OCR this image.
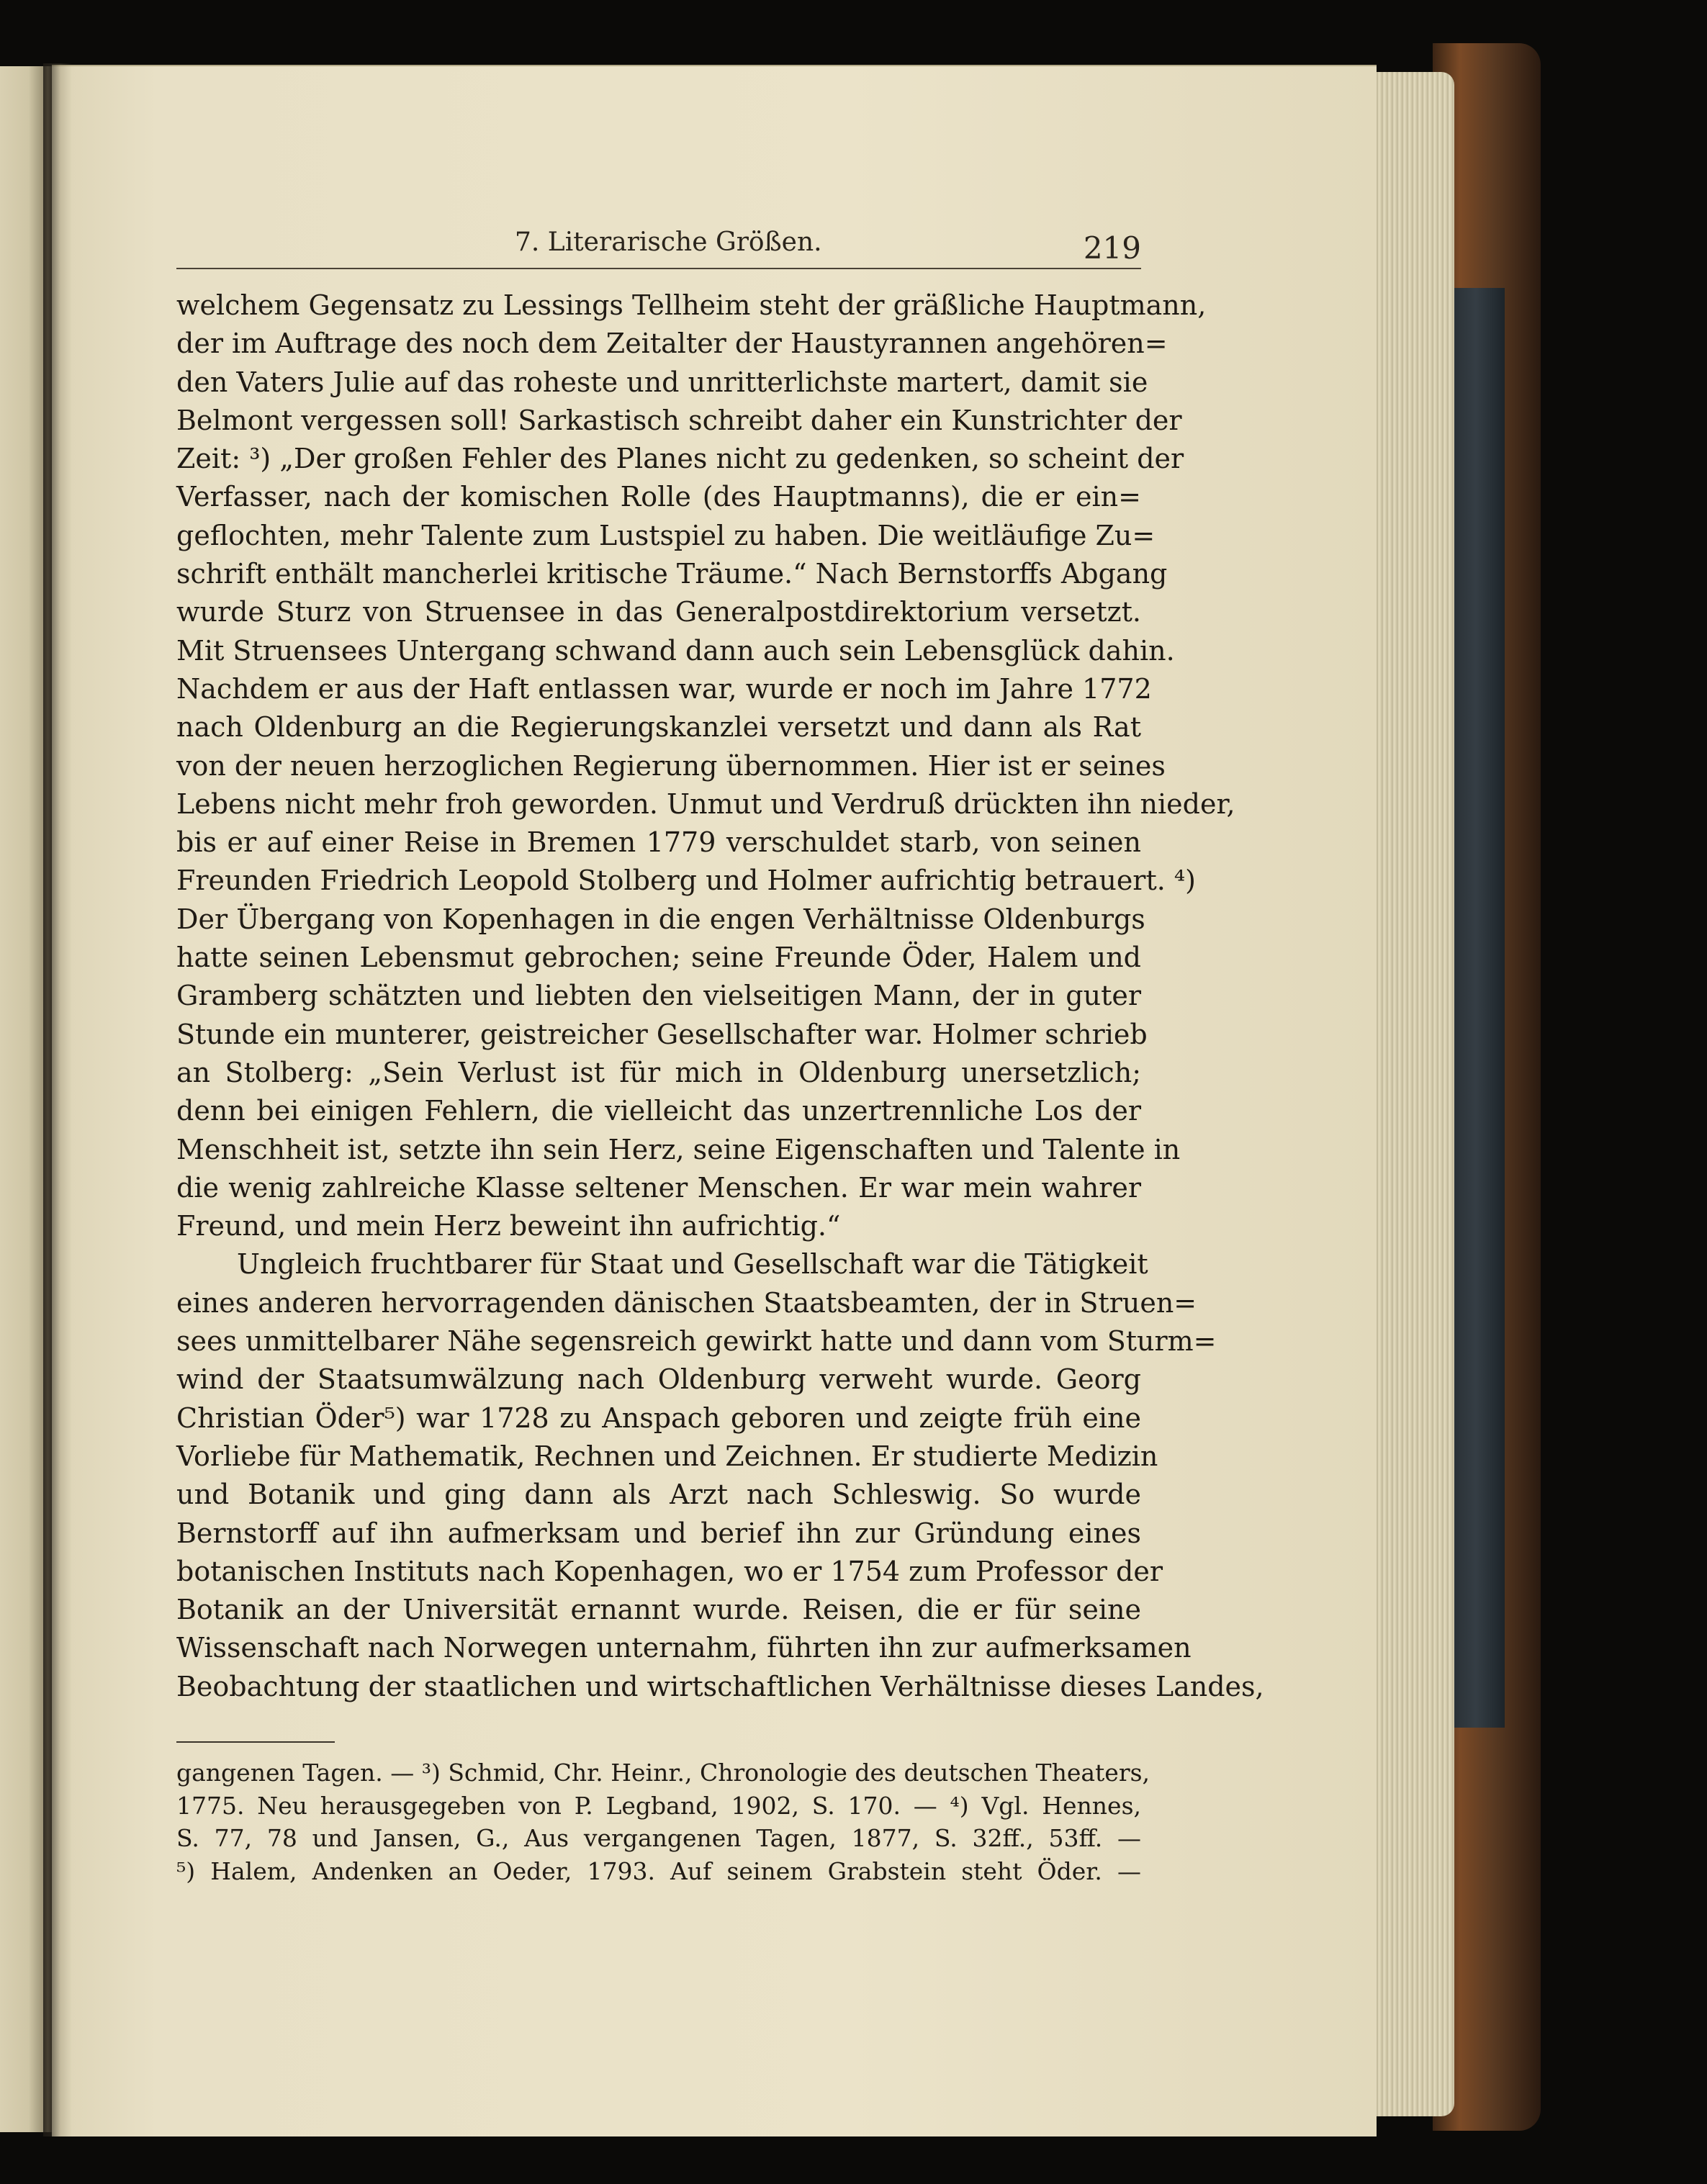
7. Literarische Größen.	219
welchem Gegensatz zu Lessings Tellheim steht der gräßliche Hauptmann,
der im Auftrage des noch dem Zeitalter der Haustyrannen angehören=
den Vaters Julie auf das roheste und unritterlichste martert, damit sie
Belmont vergessen soll! Sarkastisch schreibt daher ein Kunstrichter der
Zeit: ³) „Der großen Fehler des Planes nicht zu gedenken, so scheint der
Verfasser, nach der komischen Rolle (des Hauptmanns), die er ein=
geflochten, mehr Talente zum Lustspiel zu haben. Die weitläufige Zu=
schrift enthält mancherlei kritische Träume.“ Nach Bernstorffs Abgang
wurde Sturz von Struensee in das Generalpostdirektorium versetzt.
Mit Struensees Untergang schwand dann auch sein Lebensglück dahin.
Nachdem er aus der Haft entlassen war, wurde er noch im Jahre 1772
nach Oldenburg an die Regierungskanzlei versetzt und dann als Rat
von der neuen herzoglichen Regierung übernommen. Hier ist er seines
Lebens nicht mehr froh geworden. Unmut und Verdruß drückten ihn nieder,
bis er auf einer Reise in Bremen 1779 verschuldet starb, von seinen
Freunden Friedrich Leopold Stolberg und Holmer aufrichtig betrauert. ⁴)
Der Übergang von Kopenhagen in die engen Verhältnisse Oldenburgs
hatte seinen Lebensmut gebrochen; seine Freunde Öder, Halem und
Gramberg schätzten und liebten den vielseitigen Mann, der in guter
Stunde ein munterer, geistreicher Gesellschafter war. Holmer schrieb
an Stolberg: „Sein Verlust ist für mich in Oldenburg unersetzlich;
denn bei einigen Fehlern, die vielleicht das unzertrennliche Los der
Menschheit ist, setzte ihn sein Herz, seine Eigenschaften und Talente in
die wenig zahlreiche Klasse seltener Menschen. Er war mein wahrer
Freund, und mein Herz beweint ihn aufrichtig.“
Ungleich fruchtbarer für Staat und Gesellschaft war die Tätigkeit
eines anderen hervorragenden dänischen Staatsbeamten, der in Struen=
sees unmittelbarer Nähe segensreich gewirkt hatte und dann vom Sturm=
wind der Staatsumwälzung nach Oldenburg verweht wurde. Georg
Christian Öder⁵) war 1728 zu Anspach geboren und zeigte früh eine
Vorliebe für Mathematik, Rechnen und Zeichnen. Er studierte Medizin
und Botanik und ging dann als Arzt nach Schleswig. So wurde
Bernstorff auf ihn aufmerksam und berief ihn zur Gründung eines
botanischen Instituts nach Kopenhagen, wo er 1754 zum Professor der
Botanik an der Universität ernannt wurde. Reisen, die er für seine
Wissenschaft nach Norwegen unternahm, führten ihn zur aufmerksamen
Beobachtung der staatlichen und wirtschaftlichen Verhältnisse dieses Landes,
gangenen Tagen. — ³) Schmid, Chr. Heinr., Chronologie des deutschen Theaters,
1775. Neu herausgegeben von P. Legband, 1902, S. 170. — ⁴) Vgl. Hennes,
S. 77, 78 und Jansen, G., Aus vergangenen Tagen, 1877, S. 32ff., 53ff. —
⁵) Halem, Andenken an Oeder, 1793. Auf seinem Grabstein steht Öder. —
